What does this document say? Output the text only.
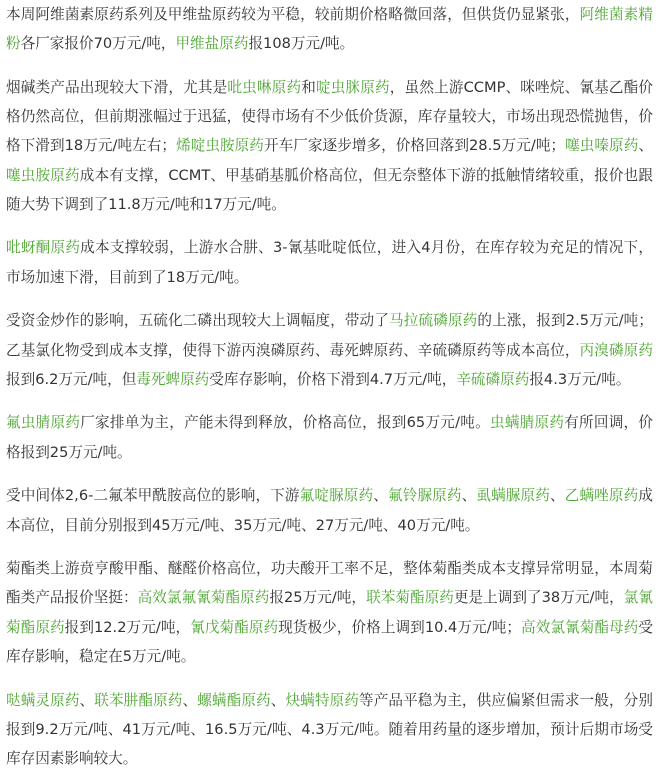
本周阿维菌素原药系列及甲维盐原药较为平稳，较前期价格略微回落，但供货仍显紧张，阿维菌素精粉各厂家报价70万元/吨，甲维盐原药报108万元/吨。

烟碱类产品出现较大下滑，尤其是吡虫啉原药和啶虫脒原药，虽然上游CCMP、咪唑烷、氰基乙酯价格仍然高位，但前期涨幅过于迅猛，使得市场有不少低价货源，库存量较大，市场出现恐慌抛售，价格下滑到18万元/吨左右；烯啶虫胺原药开车厂家逐步增多，价格回落到28.5万元/吨；噻虫嗪原药、噻虫胺原药成本有支撑，CCMT、甲基硝基胍价格高位，但无奈整体下游的抵触情绪较重，报价也跟随大势下调到了11.8万元/吨和17万元/吨。

吡蚜酮原药成本支撑较弱，上游水合肼、3-氰基吡啶低位，进入4月份，在库存较为充足的情况下，市场加速下滑，目前到了18万元/吨。

受资金炒作的影响，五硫化二磷出现较大上调幅度，带动了马拉硫磷原药的上涨，报到2.5万元/吨；乙基氯化物受到成本支撑，使得下游丙溴磷原药、毒死蜱原药、辛硫磷原药等成本高位，丙溴磷原药报到6.2万元/吨，但毒死蜱原药受库存影响，价格下滑到4.7万元/吨，辛硫磷原药报4.3万元/吨。

氟虫腈原药厂家排单为主，产能未得到释放，价格高位，报到65万元/吨。虫螨腈原药有所回调，价格报到25万元/吨。

受中间体2,6-二氟苯甲酰胺高位的影响，下游氟啶脲原药、氟铃脲原药、虱螨脲原药、乙螨唑原药成本高位，目前分别报到45万元/吨、35万元/吨、27万元/吨、40万元/吨。

菊酯类上游贲亨酸甲酯、醚醛价格高位，功夫酸开工率不足，整体菊酯类成本支撑异常明显，本周菊酯类产品报价坚挺：高效氯氟氰菊酯原药报25万元/吨，联苯菊酯原药更是上调到了38万元/吨，氯氰菊酯原药报到12.2万元/吨，氰戊菊酯原药现货极少，价格上调到10.4万元/吨；高效氯氰菊酯母药受库存影响，稳定在5万元/吨。

哒螨灵原药、联苯肼酯原药、螺螨酯原药、炔螨特原药等产品平稳为主，供应偏紧但需求一般，分别报到9.2万元/吨、41万元/吨、16.5万元/吨、4.3万元/吨。随着用药量的逐步增加，预计后期市场受库存因素影响较大。
